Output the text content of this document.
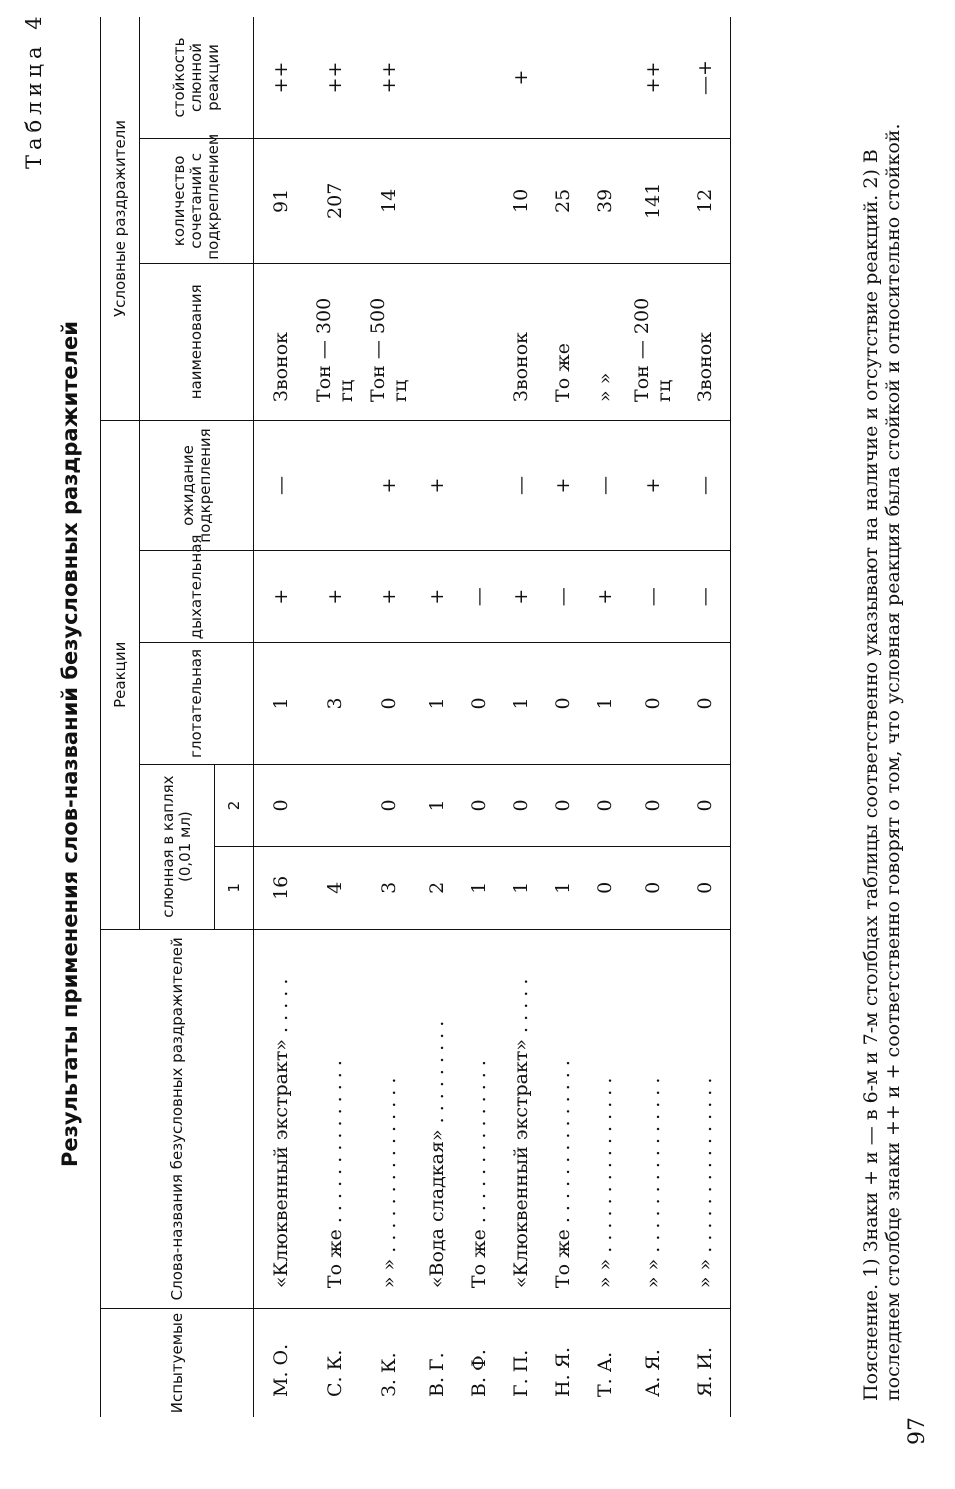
Таблица 4
Результаты применения слов-названий безусловных раздражителей
Испытуемые	Слова-названия безусловных раздражителей	Реакции					Условные раздражители		
		слюнная в каплях (0,01 мл)		глотательная	дыхательная	ожидание подкрепления	наименования	количество сочетаний с подкреплением	стойкость слюнной реакции
		1	2						
М. О.	«Клюквенный экстракт» . . . . .	16	0	1	+	—	Звонок	91	++
С. К.	То же . . . . . . . . . . . . . .	4		3	+		Тон — 300 гц	207	++
З. К.	» » . . . . . . . . . . . . . . .	3	0	0	+	+	Тон — 500 гц	14	++
В. Г.	«Вода сладкая» . . . . . . . . .	2	1	1	+	+			
В. Ф.	То же . . . . . . . . . . . . . .	1	0	0	—				
Г. П.	«Клюквенный экстракт» . . . . .	1	0	1	+	—	Звонок	10	+
Н. Я.	То же . . . . . . . . . . . . . .	1	0	0	—	+	То же	25	
Т. А.	» » . . . . . . . . . . . . . . .	0	0	1	+	—	» »	39	
А. Я.	» » . . . . . . . . . . . . . . .	0	0	0	—	+	Тон — 200 гц	141	++
Я. И.	» » . . . . . . . . . . . . . . .	0	0	0	—	—	Звонок	12	—+
Пояснение. 1) Знаки + и — в 6-м и 7-м столбцах таблицы соответственно указывают на наличие и отсутствие реакций. 2) В последнем столбце знаки ++ и + соответственно говорят о том, что условная реакция была стойкой и относительно стойкой.
97
